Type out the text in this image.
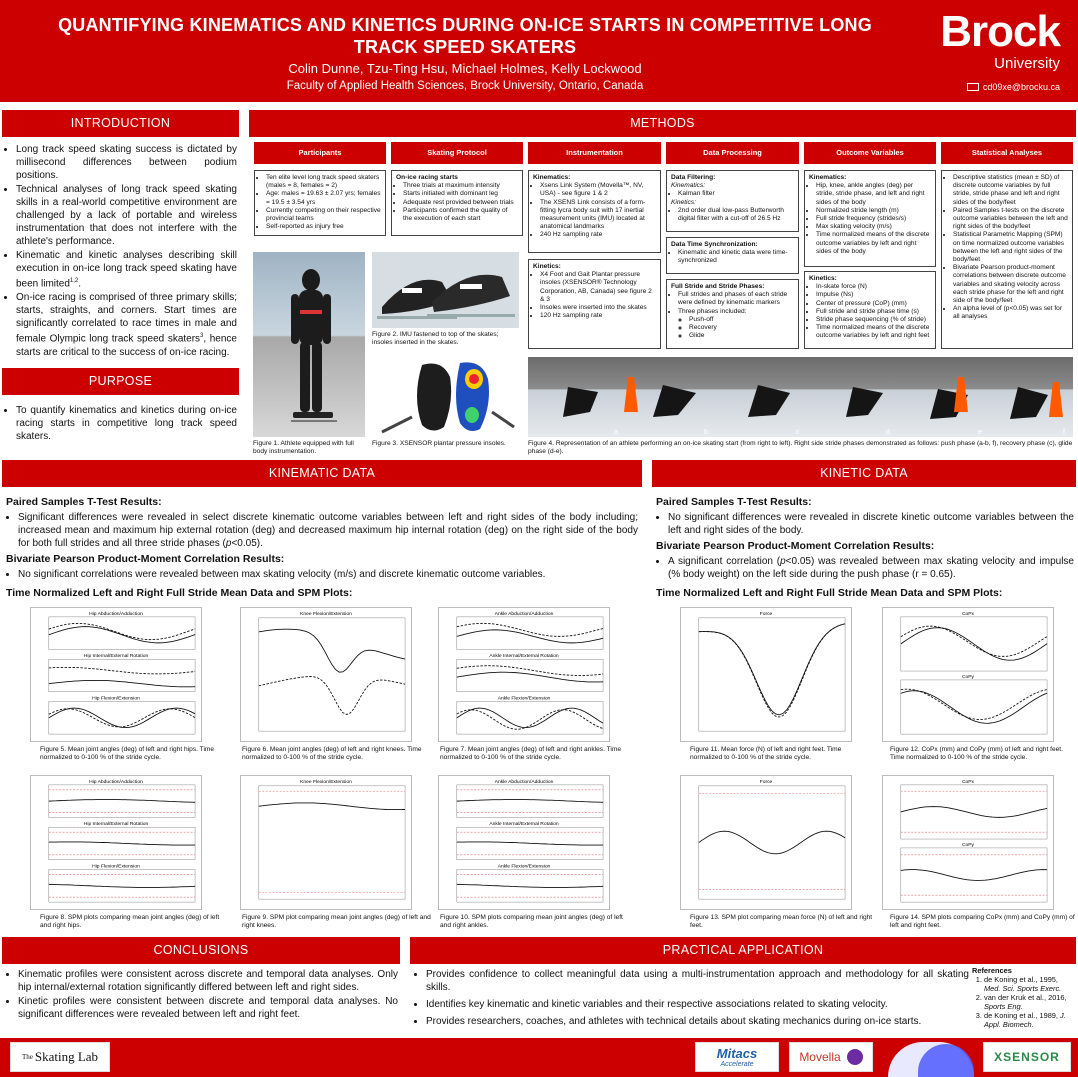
QUANTIFYING KINEMATICS AND KINETICS DURING ON-ICE STARTS IN COMPETITIVE LONG TRACK SPEED SKATERS
Colin Dunne, Tzu-Ting Hsu, Michael Holmes, Kelly Lockwood
Faculty of Applied Health Sciences, Brock University, Ontario, Canada
Brock
University
cd09xe@brocku.ca
INTRODUCTION
• Long track speed skating success is dictated by millisecond differences between podium positions.
• Technical analyses of long track speed skating skills in a real-world competitive environment are challenged by a lack of portable and wireless instrumentation that does not interfere with the athlete's performance.
• Kinematic and kinetic analyses describing skill execution in on-ice long track speed skating have been limited$^{1,2}$.
• On-ice racing is comprised of three primary skills; starts, straights, and corners. Start times are significantly correlated to race times in male and female Olympic long track speed skaters$^3$, hence starts are critical to the success of on-ice racing.
PURPOSE
• To quantify kinematics and kinetics during on-ice racing starts in competitive long track speed skaters.
METHODS
Participants	Skating Protocol	Instrumentation	Data Processing	Outcome Variables	Statistical Analyses
• Ten elite level long track speed skaters (males = 8, females = 2)
• Age: males = 19.63 ± 2.07 yrs; females = 19.5 ± 3.54 yrs
• Currently competing on their respective provincial teams
• Self-reported as injury free
On-ice racing starts
• Three trials at maximum intensity
• Starts initiated with dominant leg
• Adequate rest provided between trials
• Participants confirmed the quality of the execution of each start
Kinematics:
• Xsens Link System (Movella™, NV, USA) - see figure 1 & 2
• The XSENS Link consists of a form-fitting lycra body suit with 17 inertial measurement units (IMU) located at anatomical landmarks
• 240 Hz sampling rate
Kinetics:
• X4 Foot and Gait Plantar pressure insoles (XSENSOR® Technology Corporation, AB, Canada) see figure 2 & 3
• Insoles were inserted into the skates
• 120 Hz sampling rate
Data Filtering:
Kinematics:
• Kalman filter
Kinetics:
• 2nd order dual low-pass Butterworth digital filter with a cut-off of 26.5 Hz
Data Time Synchronization:
• Kinematic and kinetic data were time-synchronized
Full Stride and Stride Phases:
• Full strides and phases of each stride were defined by kinematic markers
• Three phases included:
◦ Push-off
◦ Recovery
◦ Glide
Kinematics:
• Hip, knee, ankle angles (deg) per stride, stride phase, and left and right sides of the body
• Normalized stride length (m)
• Full stride frequency (strides/s)
• Max skating velocity (m/s)
• Time normalized means of the discrete outcome variables by left and right sides of the body
Kinetics:
• In-skate force (N)
• Impulse (Ns)
• Center of pressure (CoP) (mm)
• Full stride and stride phase time (s)
• Stride phase sequencing (% of stride)
• Time normalized means of the discrete outcome variables by left and right feet
• Descriptive statistics (mean ± SD) of discrete outcome variables by full stride, stride phase and left and right sides of the body/feet
• Paired Samples t-tests on the discrete outcome variables between the left and right sides of the body/feet
• Statistical Parametric Mapping (SPM) on time normalized outcome variables between the left and right sides of the body/feet
• Bivariate Pearson product-moment correlations between discrete outcome variables and skating velocity across each stride phase for the left and right side of the body/feet
• An alpha level of (p<0.05) was set for all analyses
Figure 1. Athlete equipped with full body instrumentation.
Figure 2. IMU fastened to top of the skates; insoles inserted in the skates.
Figure 3. XSENSOR plantar pressure insoles.
a	b	c	d	e	f
Figure 4. Representation of an athlete performing an on-ice skating start (from right to left). Right side stride phases demonstrated as follows: push phase (a-b, f), recovery phase (c), glide phase (d-e).
KINEMATIC DATA
Paired Samples T-Test Results:
• Significant differences were revealed in select discrete kinematic outcome variables between left and right sides of the body including; increased mean and maximum hip external rotation (deg) and decreased maximum hip internal rotation (deg) on the right side of the body for both full strides and all three stride phases (p<0.05).
Bivariate Pearson Product-Moment Correlation Results:
• No significant correlations were revealed between max skating velocity (m/s) and discrete kinematic outcome variables.
Time Normalized Left and Right Full Stride Mean Data and SPM Plots:
KINETIC DATA
Paired Samples T-Test Results:
• No significant differences were revealed in discrete kinetic outcome variables between the left and right sides of the body.
Bivariate Pearson Product-Moment Correlation Results:
• A significant correlation (p<0.05) was revealed between max skating velocity and impulse (% body weight) on the left side during the push phase (r = 0.65).
Time Normalized Left and Right Full Stride Mean Data and SPM Plots:
Hip Abduction/Adduction
Hip Internal/External Rotation
Hip Flexion/Extension
Knee Flexion/Extension	Ankle Abduction/Adduction
Ankle Internal/External Rotation
Ankle Flexion/Extension
Figure 5. Mean joint angles (deg) of left and right hips. Time normalized to 0-100 % of the stride cycle.
Figure 6. Mean joint angles (deg) of left and right knees. Time normalized to 0-100 % of the stride cycle.
Figure 7. Mean joint angles (deg) of left and right ankles. Time normalized to 0-100 % of the stride cycle.
Hip Abduction/Adduction
Hip Internal/External Rotation
Hip Flexion/Extension
Knee Flexion/Extension	Ankle Abduction/Adduction
Ankle Internal/External Rotation
Ankle Flexion/Extension
Figure 8. SPM plots comparing mean joint angles (deg) of left and right hips.
Figure 9. SPM plot comparing mean joint angles (deg) of left and right knees.
Figure 10. SPM plots comparing mean joint angles (deg) of left and right ankles.
Force	CoPx
CoPy
Figure 11. Mean force (N) of left and right feet. Time normalized to 0-100 % of the stride cycle.
Figure 12. CoPx (mm) and CoPy (mm) of left and right feet. Time normalized to 0-100 % of the stride cycle.
Force	CoPx
CoPy
Figure 13. SPM plot comparing mean force (N) of left and right feet.
Figure 14. SPM plots comparing CoPx (mm) and CoPy (mm) of left and right feet.
CONCLUSIONS
• Kinematic profiles were consistent across discrete and temporal data analyses. Only hip internal/external rotation significantly differed between left and right sides.
• Kinetic profiles were consistent between discrete and temporal data analyses. No significant differences were revealed between left and right feet.
PRACTICAL APPLICATION
• Provides confidence to collect meaningful data using a multi-instrumentation approach and methodology for all skating skills.
• Identifies key kinematic and kinetic variables and their respective associations related to skating velocity.
• Provides researchers, coaches, and athletes with technical details about skating mechanics during on-ice starts.
References
1. de Koning et al., 1995, Med. Sci. Sports Exerc.
2. van der Kruk et al., 2016, Sports Eng.
3. de Koning et al., 1989, J. Appl. Biomech.
The Skating Lab	Mitacs
Accelerate
Movella	XSENSOR
